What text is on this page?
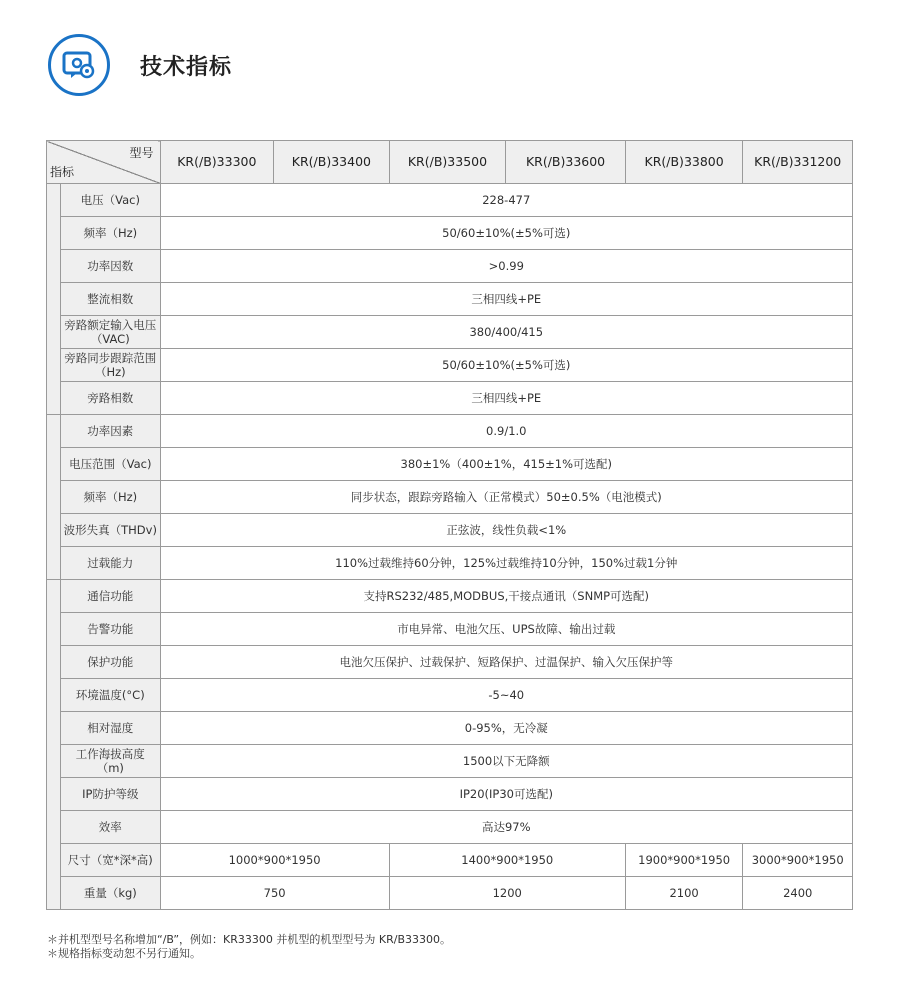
技术指标
型号
指标		KR(/B)33300	KR(/B)33400	KR(/B)33500	KR(/B)33600	KR(/B)33800	KR(/B)331200
	电压（Vac)	228-477					
	频率（Hz)	50/60±10%(±5%可选)					
	功率因数	>0.99					
	整流相数	三相四线+PE					
	旁路额定输入电压（VAC)	380/400/415					
	旁路同步跟踪范围（Hz)	50/60±10%(±5%可选)					
	旁路相数	三相四线+PE					
	功率因素	0.9/1.0					
	电压范围（Vac)	380±1%（400±1%，415±1%可选配)					
	频率（Hz)	同步状态，跟踪旁路输入（正常模式）50±0.5%（电池模式)					
	波形失真（THDv)	正弦波，线性负载<1%					
	过载能力	110%过载维持60分钟，125%过载维持10分钟，150%过载1分钟					
	通信功能	支持RS232/485,MODBUS,干接点通讯（SNMP可选配)					
	告警功能	市电异常、电池欠压、UPS故障、输出过载					
	保护功能	电池欠压保护、过载保护、短路保护、过温保护、输入欠压保护等					
	环境温度(°C)	-5~40					
	相对湿度	0-95%，无冷凝					
	工作海拔高度（m)	1500以下无降额					
	IP防护等级	IP20(IP30可选配)					
	效率	高达97%					
	尺寸（宽*深*高)	1000*900*1950		1400*900*1950		1900*900*1950	3000*900*1950
	重量（kg)	750		1200		2100	2400
＊并机型型号名称增加“/B”，例如：KR33300 并机型的机型型号为 KR/B33300。
＊规格指标变动恕不另行通知。
